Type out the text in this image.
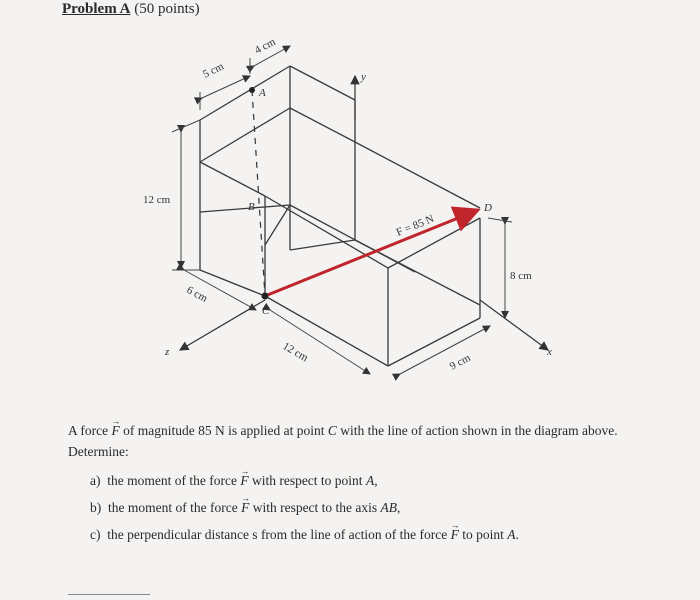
Problem A (50 points)
5 cm
4 cm
12 cm
6 cm
12 cm	9 cm
8 cm
A
B
C
D
x
y
z
F = 85 N

A force → F of magnitude 85 N is applied at point C with the line of action shown in the diagram above. Determine:

a) the moment of the force → F with respect to point A,
b) the moment of the force → F with respect to the axis AB,
c) the perpendicular distance s from the line of action of the force → F to point A.
